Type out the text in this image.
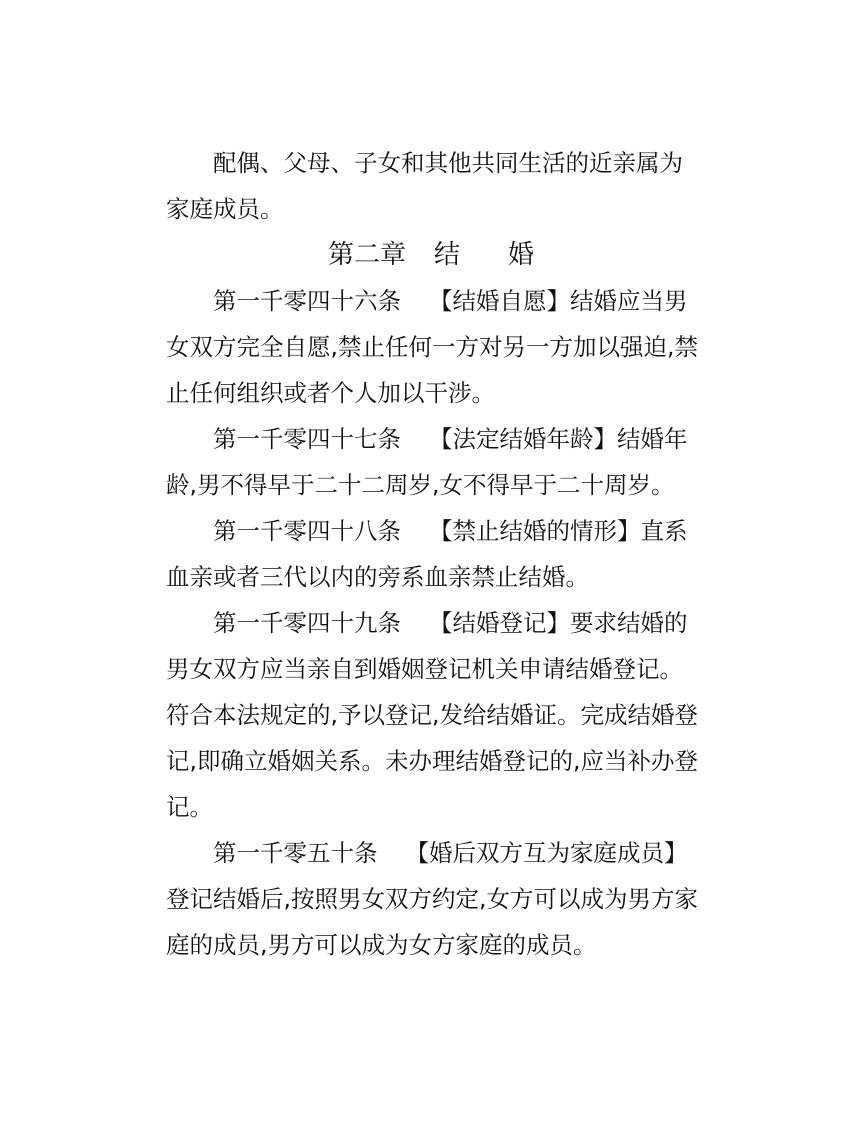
配偶、父母、子女和其他共同生活的近亲属为
家庭成员。
第二章 结 婚
第一千零四十六条 【结婚自愿】结婚应当男
女双方完全自愿,禁止任何一方对另一方加以强迫,禁
止任何组织或者个人加以干涉。
第一千零四十七条 【法定结婚年龄】结婚年
龄,男不得早于二十二周岁,女不得早于二十周岁。
第一千零四十八条 【禁止结婚的情形】直系
血亲或者三代以内的旁系血亲禁止结婚。
第一千零四十九条 【结婚登记】要求结婚的
男女双方应当亲自到婚姻登记机关申请结婚登记。
符合本法规定的,予以登记,发给结婚证。完成结婚登
记,即确立婚姻关系。未办理结婚登记的,应当补办登
记。
第一千零五十条 【婚后双方互为家庭成员】
登记结婚后,按照男女双方约定,女方可以成为男方家
庭的成员,男方可以成为女方家庭的成员。
